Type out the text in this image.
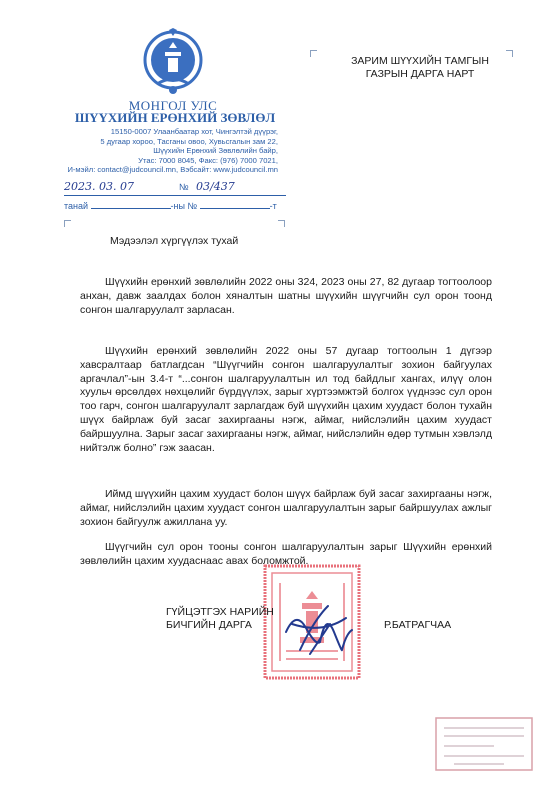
МОНГОЛ УЛС
ШҮҮХИЙН ЕРӨНХИЙ ЗӨВЛӨЛ
15150-0007 Улаанбаатар хот, Чингэлтэй дүүрэг,
5 дугаар хороо, Тасганы овоо, Хувьсгалын зам 22,
Шүүхийн Ерөнхий Зөвлөлийн байр,
Утас: 7000 8045, Факс: (976) 7000 7021,
И-мэйл: contact@judcouncil.mn, Вэбсайт: www.judcouncil.mn
2023. 03. 07	№ 03/437
танай	-ны №	-т
ЗАРИМ ШҮҮХИЙН ТАМГЫН
ГАЗРЫН ДАРГА НАРТ
Мэдээлэл хүргүүлэх тухай

Шүүхийн ерөнхий зөвлөлийн 2022 оны 324, 2023 оны 27, 82 дугаар тогтоолоор анхан, давж заалдах болон хяналтын шатны шүүхийн шүүгчийн сул орон тоонд сонгон шалгаруулалт зарласан.

Шүүхийн ерөнхий зөвлөлийн 2022 оны 57 дугаар тогтоолын 1 дүгээр хавсралтаар батлагдсан “Шүүгчийн сонгон шалгаруулалтыг зохион байгуулах аргачлал”-ын 3.4-т “...сонгон шалгаруулалтын ил тод байдлыг хангах, илүү олон хуульч өрсөлдөх нөхцөлийг бүрдүүлэх, зарыг хүртээмжтэй болгох үүднээс сул орон тоо гарч, сонгон шалгаруулалт зарлагдаж буй шүүхийн цахим хуудаст болон тухайн шүүх байрлаж буй засаг захиргааны нэгж, аймаг, нийслэлийн цахим хуудаст байршуулна. Зарыг засаг захиргааны нэгж, аймаг, нийслэлийн өдөр тутмын хэвлэлд нийтэлж болно” гэж заасан.

Иймд шүүхийн цахим хуудаст болон шүүх байрлаж буй засаг захиргааны нэгж, аймаг, нийслэлийн цахим хуудаст сонгон шалгаруулалтын зарыг байршуулах ажлыг зохион байгуулж ажиллана уу.

Шүүгчийн сул орон тооны сонгон шалгаруулалтын зарыг Шүүхийн ерөнхий зөвлөлийн цахим хуудаснаас авах боломжтой.

ГҮЙЦЭТГЭХ НАРИЙН
БИЧГИЙН ДАРГА	Р.БАТРАГЧАА
